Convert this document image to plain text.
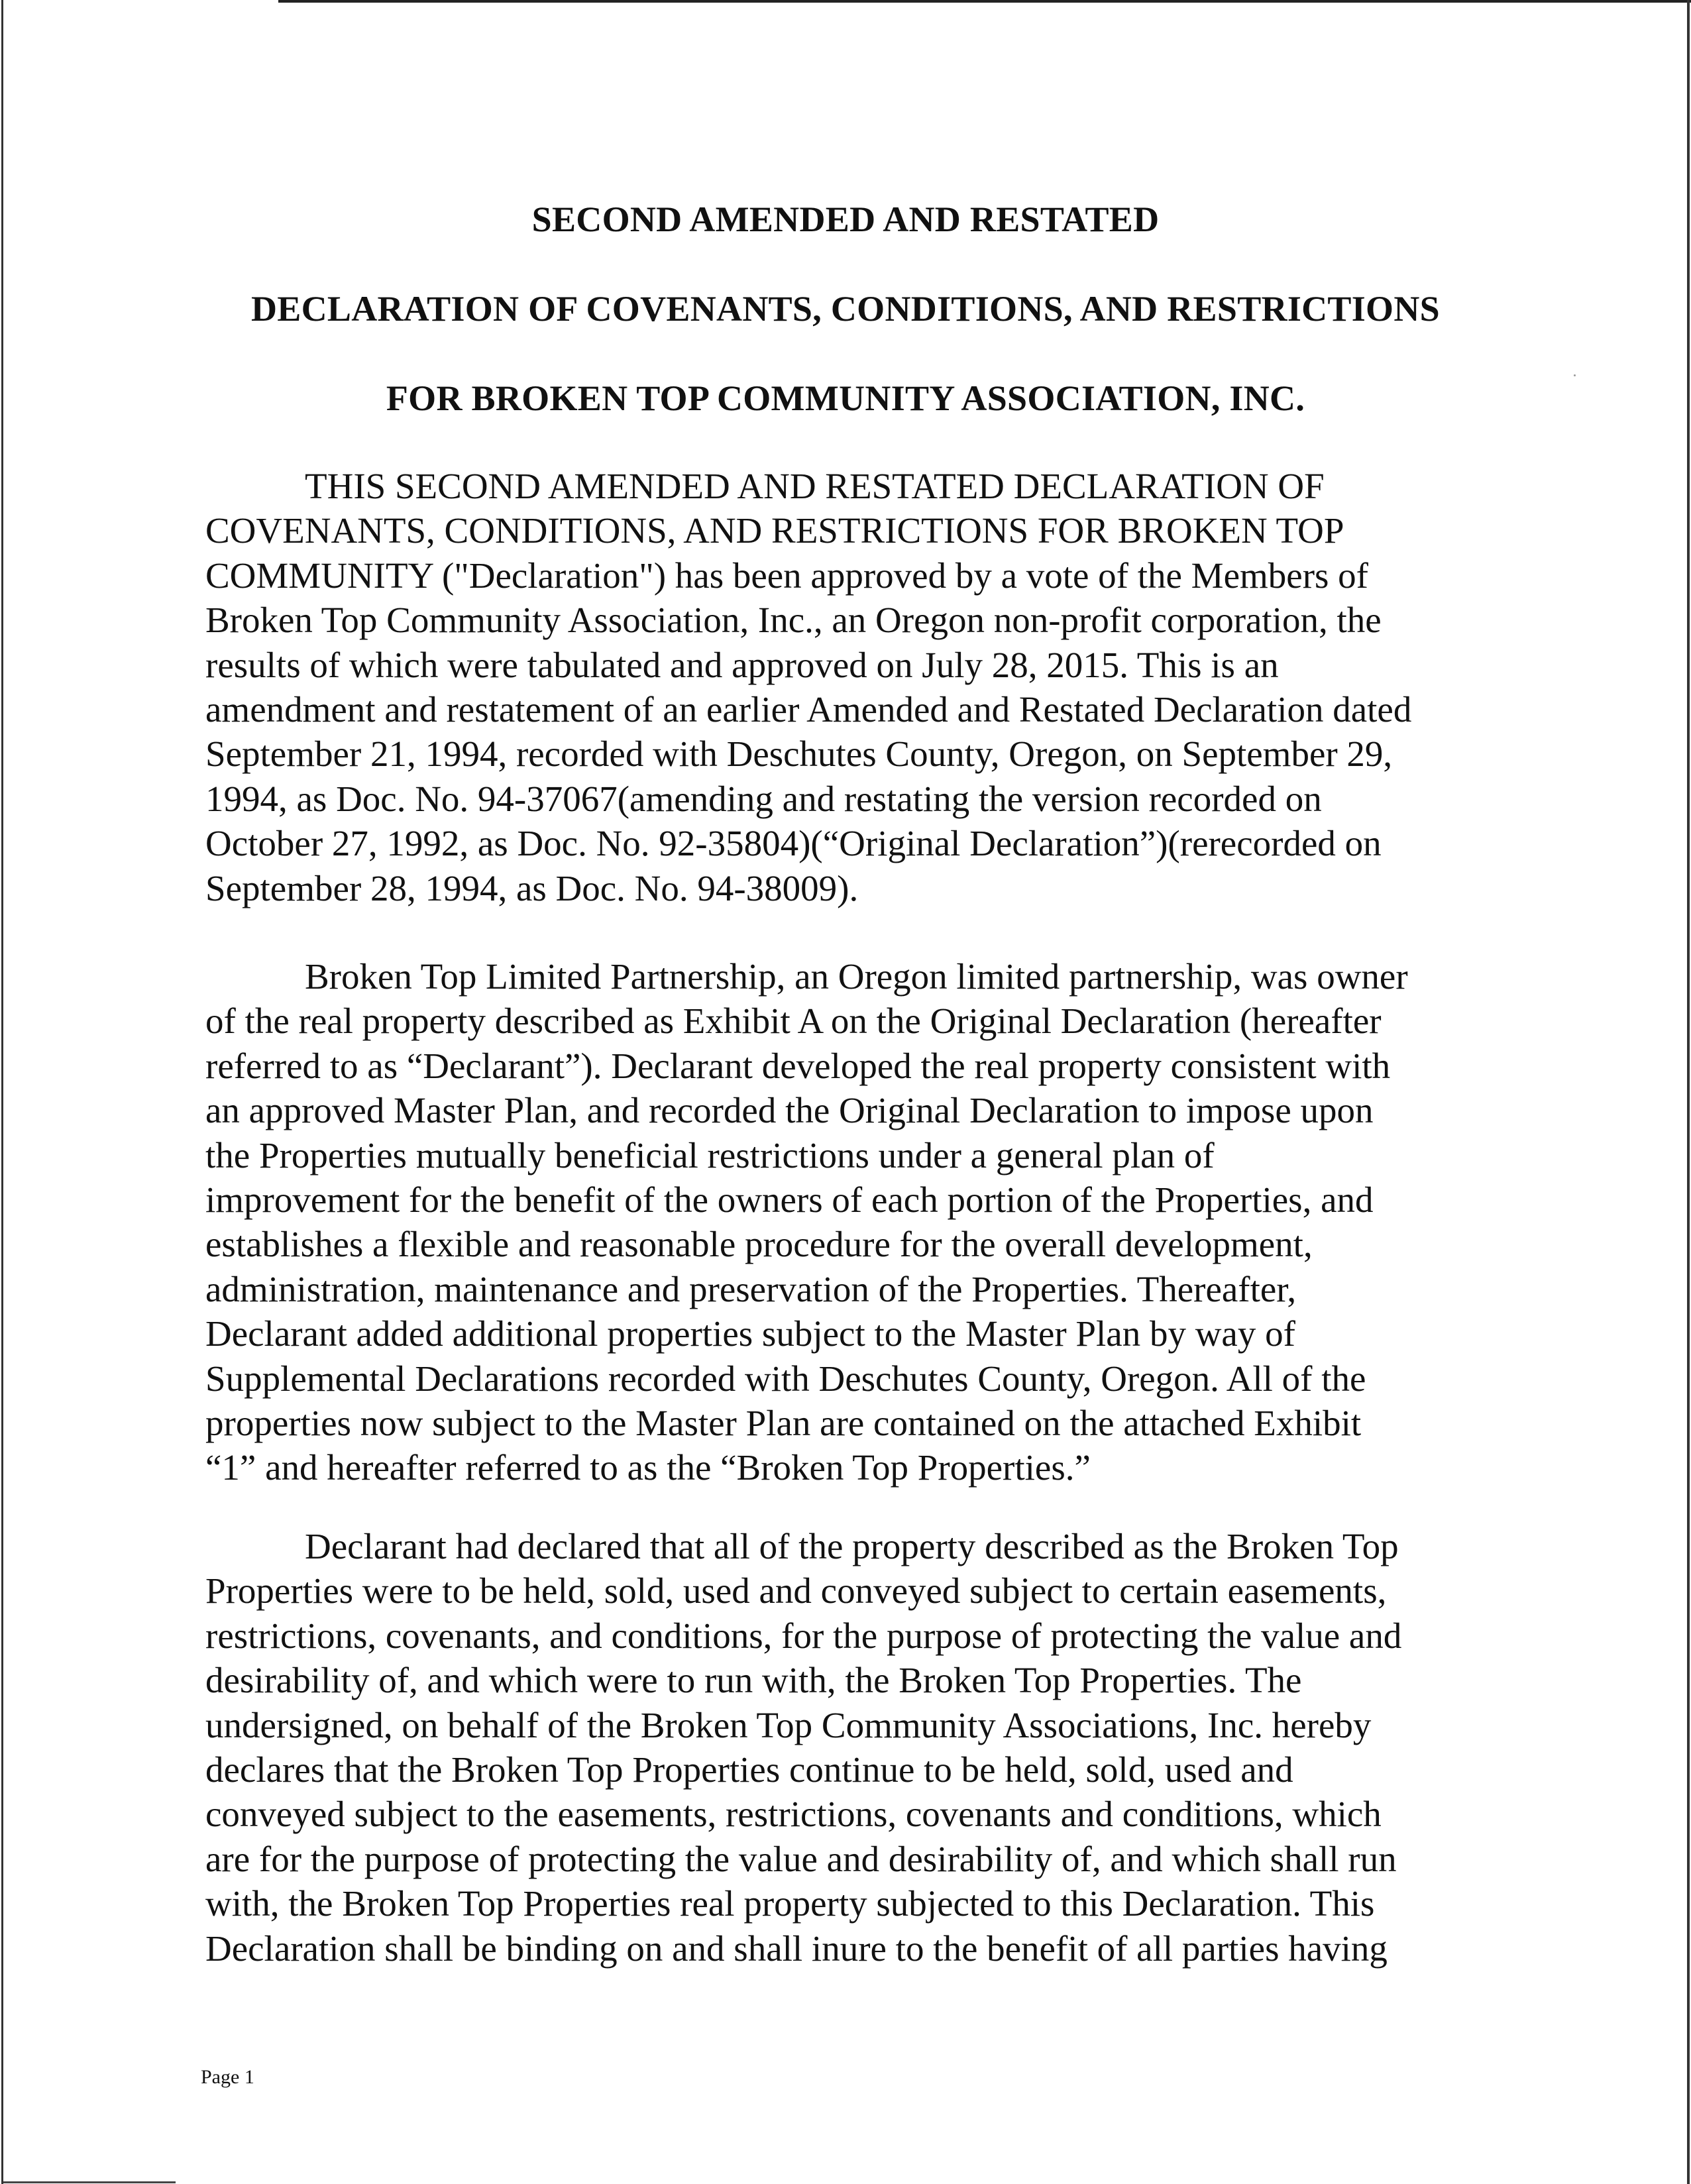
SECOND AMENDED AND RESTATED
DECLARATION OF COVENANTS, CONDITIONS, AND RESTRICTIONS
FOR BROKEN TOP COMMUNITY ASSOCIATION, INC.
THIS SECOND AMENDED AND RESTATED DECLARATION OF
COVENANTS, CONDITIONS, AND RESTRICTIONS FOR BROKEN TOP
COMMUNITY ("Declaration") has been approved by a vote of the Members of
Broken Top Community Association, Inc., an Oregon non-profit corporation, the
results of which were tabulated and approved on July 28, 2015. This is an
amendment and restatement of an earlier Amended and Restated Declaration dated
September 21, 1994, recorded with Deschutes County, Oregon, on September 29,
1994, as Doc. No. 94-37067(amending and restating the version recorded on
October 27, 1992, as Doc. No. 92-35804)(“Original Declaration”)(rerecorded on
September 28, 1994, as Doc. No. 94-38009).
Broken Top Limited Partnership, an Oregon limited partnership, was owner
of the real property described as Exhibit A on the Original Declaration (hereafter
referred to as “Declarant”). Declarant developed the real property consistent with
an approved Master Plan, and recorded the Original Declaration to impose upon
the Properties mutually beneficial restrictions under a general plan of
improvement for the benefit of the owners of each portion of the Properties, and
establishes a flexible and reasonable procedure for the overall development,
administration, maintenance and preservation of the Properties. Thereafter,
Declarant added additional properties subject to the Master Plan by way of
Supplemental Declarations recorded with Deschutes County, Oregon. All of the
properties now subject to the Master Plan are contained on the attached Exhibit
“1” and hereafter referred to as the “Broken Top Properties.”
Declarant had declared that all of the property described as the Broken Top
Properties were to be held, sold, used and conveyed subject to certain easements,
restrictions, covenants, and conditions, for the purpose of protecting the value and
desirability of, and which were to run with, the Broken Top Properties. The
undersigned, on behalf of the Broken Top Community Associations, Inc. hereby
declares that the Broken Top Properties continue to be held, sold, used and
conveyed subject to the easements, restrictions, covenants and conditions, which
are for the purpose of protecting the value and desirability of, and which shall run
with, the Broken Top Properties real property subjected to this Declaration. This
Declaration shall be binding on and shall inure to the benefit of all parties having
Page 1
